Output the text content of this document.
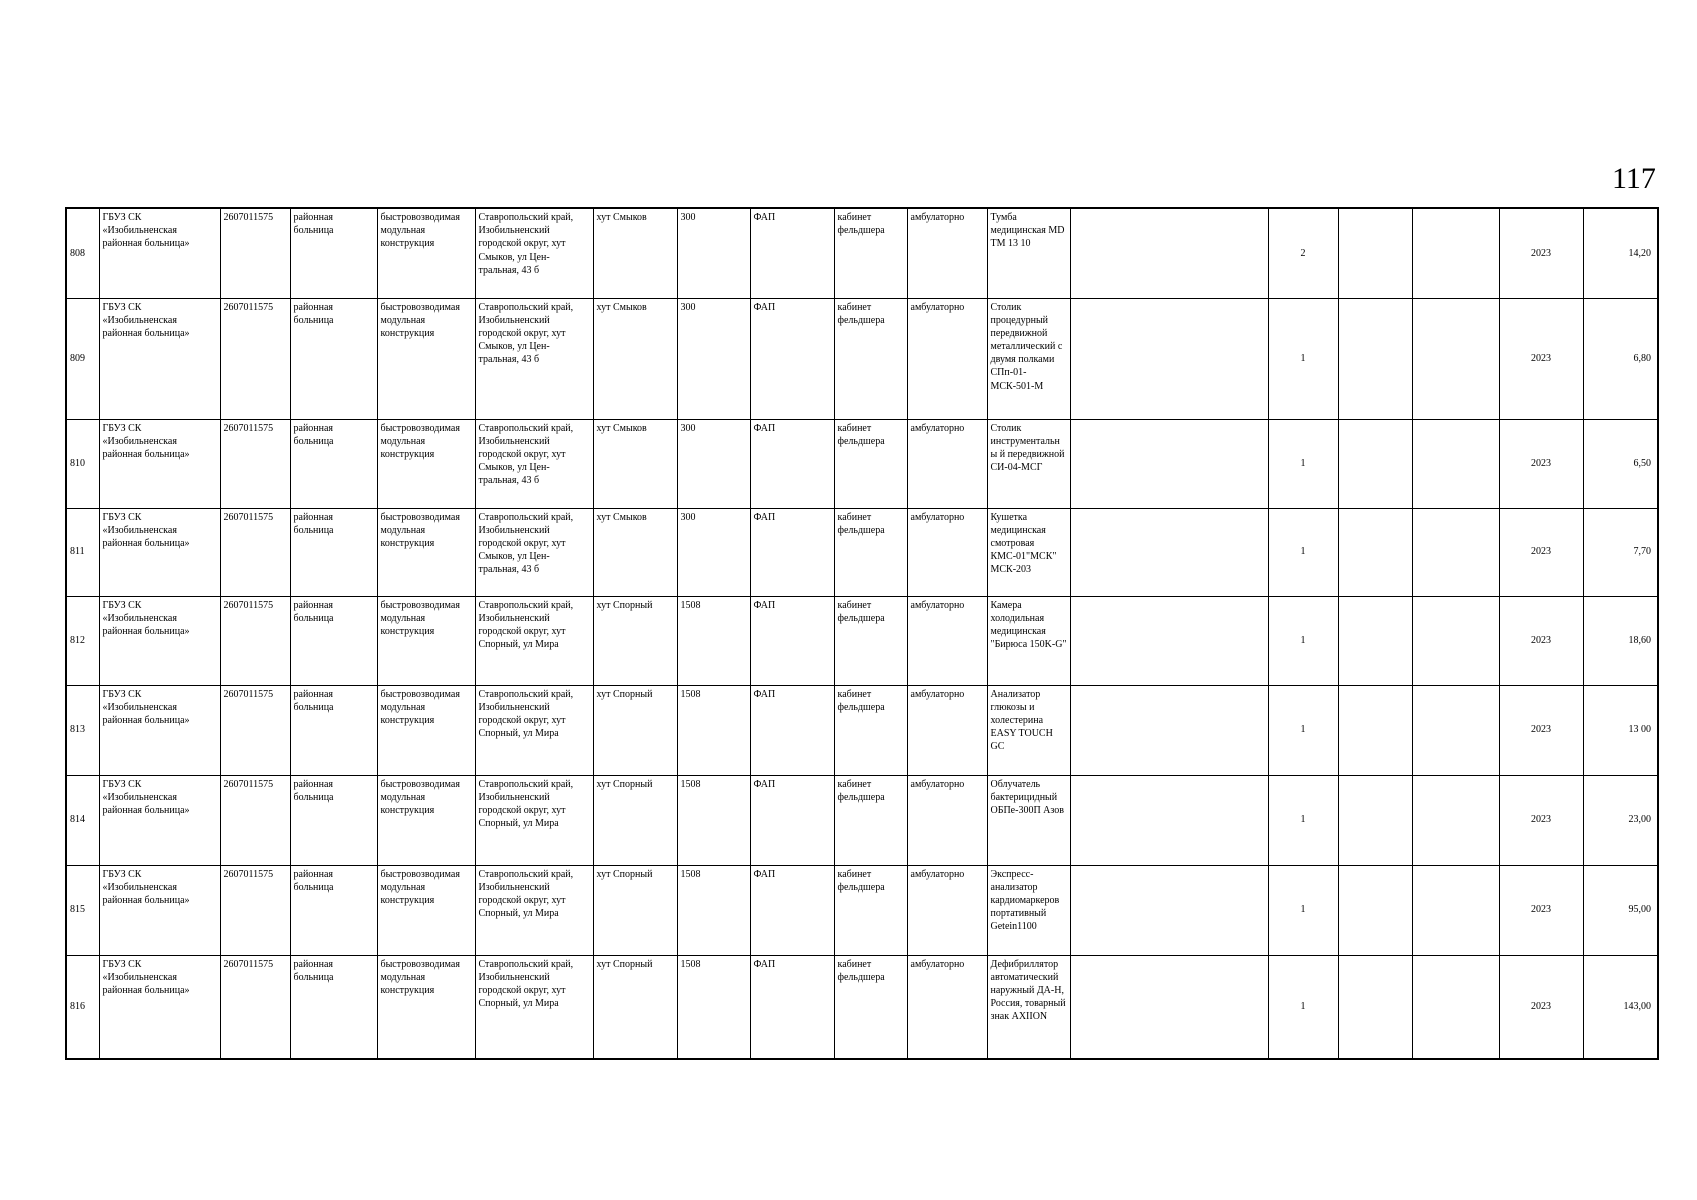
117
808	ГБУЗ СК «Изобильненская районная больница»	2607011575	районная больница	быстровозводимая модульная конструкция	Ставропольский край, Изобильненский городской округ, хут Смыков, ул Цен-тральная, 43 б	хут Смыков	300	ФАП	кабинет фельдшера	амбулаторно	Тумба медицинская MD TM 13 10		2			2023	14,20
809	ГБУЗ СК «Изобильненская районная больница»	2607011575	районная больница	быстровозводимая модульная конструкция	Ставропольский край, Изобильненский городской округ, хут Смыков, ул Цен-тральная, 43 б	хут Смыков	300	ФАП	кабинет фельдшера	амбулаторно	Столик процедурный передвижной металлический с двумя полками СПп-01-МСК-501-М		1			2023	6,80
810	ГБУЗ СК «Изобильненская районная больница»	2607011575	районная больница	быстровозводимая модульная конструкция	Ставропольский край, Изобильненский городской округ, хут Смыков, ул Цен-тральная, 43 б	хут Смыков	300	ФАП	кабинет фельдшера	амбулаторно	Столик инструментальны й передвижной СИ-04-МСГ		1			2023	6,50
811	ГБУЗ СК «Изобильненская районная больница»	2607011575	районная больница	быстровозводимая модульная конструкция	Ставропольский край, Изобильненский городской округ, хут Смыков, ул Цен-тральная, 43 б	хут Смыков	300	ФАП	кабинет фельдшера	амбулаторно	Кушетка медицинская смотровая КМС-01"МСК" МСК-203		1			2023	7,70
812	ГБУЗ СК «Изобильненская районная больница»	2607011575	районная больница	быстровозводимая модульная конструкция	Ставропольский край, Изобильненский городской округ, хут Спорный, ул Мира	хут Спорный	1508	ФАП	кабинет фельдшера	амбулаторно	Камера холодильная медицинская "Бирюса 150K-G"		1			2023	18,60
813	ГБУЗ СК «Изобильненская районная больница»	2607011575	районная больница	быстровозводимая модульная конструкция	Ставропольский край, Изобильненский городской округ, хут Спорный, ул Мира	хут Спорный	1508	ФАП	кабинет фельдшера	амбулаторно	Анализатор глюкозы и холестерина EASY TOUCH GC		1			2023	13 00
814	ГБУЗ СК «Изобильненская районная больница»	2607011575	районная больница	быстровозводимая модульная конструкция	Ставропольский край, Изобильненский городской округ, хут Спорный, ул Мира	хут Спорный	1508	ФАП	кабинет фельдшера	амбулаторно	Облучатель бактерицидный ОБПе-300П Азов		1			2023	23,00
815	ГБУЗ СК «Изобильненская районная больница»	2607011575	районная больница	быстровозводимая модульная конструкция	Ставропольский край, Изобильненский городской округ, хут Спорный, ул Мира	хут Спорный	1508	ФАП	кабинет фельдшера	амбулаторно	Экспресс-анализатор кардиомаркеров портативный Getein1100		1			2023	95,00
816	ГБУЗ СК «Изобильненская районная больница»	2607011575	районная больница	быстровозводимая модульная конструкция	Ставропольский край, Изобильненский городской округ, хут Спорный, ул Мира	хут Спорный	1508	ФАП	кабинет фельдшера	амбулаторно	Дефибриллятор автоматический наружный ДА-Н, Россия, товарный знак AXIION		1			2023	143,00
